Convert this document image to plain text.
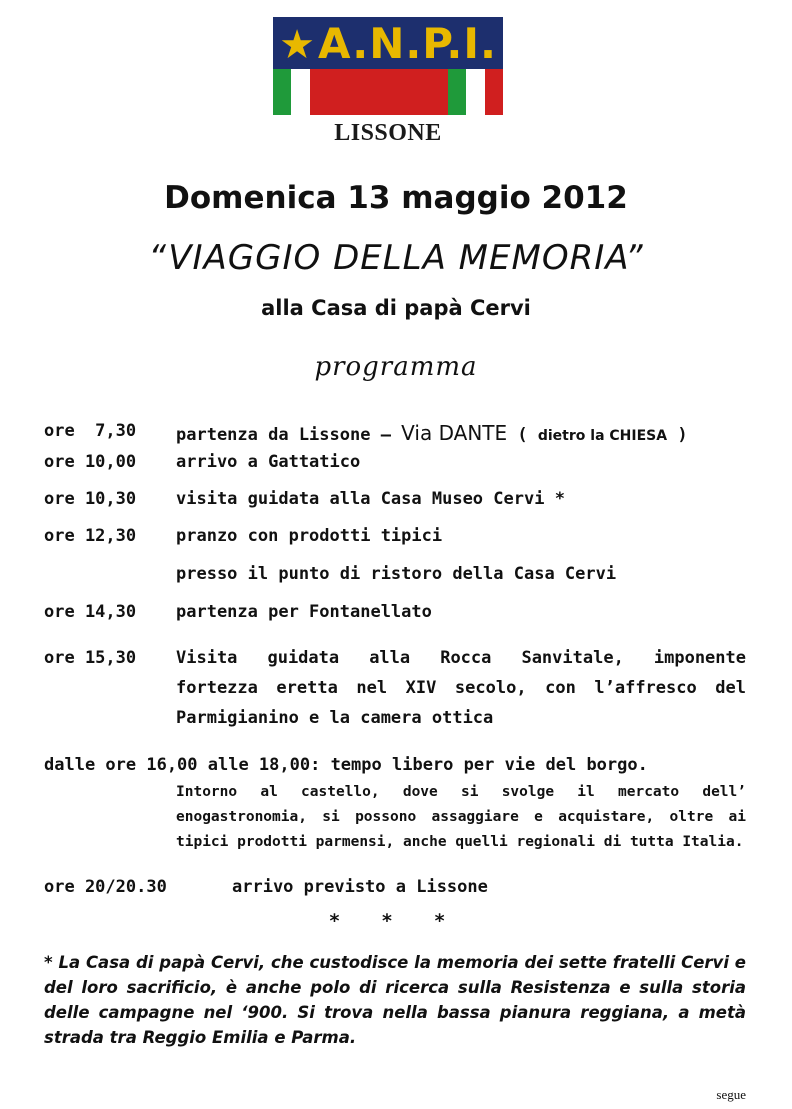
★A.N.P.I.
LISSONE
Domenica 13 maggio 2012
“VIAGGIO DELLA MEMORIA”
alla Casa di papà Cervi
programma
ore  7,30 partenza da Lissone – Via DANTE ( dietro la CHIESA )
ore 10,00 arrivo a Gattatico
ore 10,30 visita guidata alla Casa Museo Cervi *
ore 12,30 pranzo con prodotti tipici
presso il punto di ristoro della Casa Cervi
ore 14,30 partenza per Fontanellato
ore 15,30 Visita guidata alla Rocca Sanvitale, imponente
fortezza eretta nel XIV secolo, con l’affresco del
Parmigianino e la camera ottica
dalle ore 16,00 alle 18,00: tempo libero per vie del borgo.
Intorno al castello, dove si svolge il mercato dell’ enogastronomia, si possono assaggiare e acquistare, oltre ai tipici prodotti parmensi, anche quelli regionali di tutta Italia.
ore 20/20.30	arrivo previsto a Lissone
* * *
* La Casa di papà Cervi, che custodisce la memoria dei sette fratelli Cervi e del loro sacrificio, è anche polo di ricerca sulla Resistenza e sulla storia delle campagne nel ‘900. Si trova nella bassa pianura reggiana, a metà strada tra Reggio Emilia e Parma.
segue
